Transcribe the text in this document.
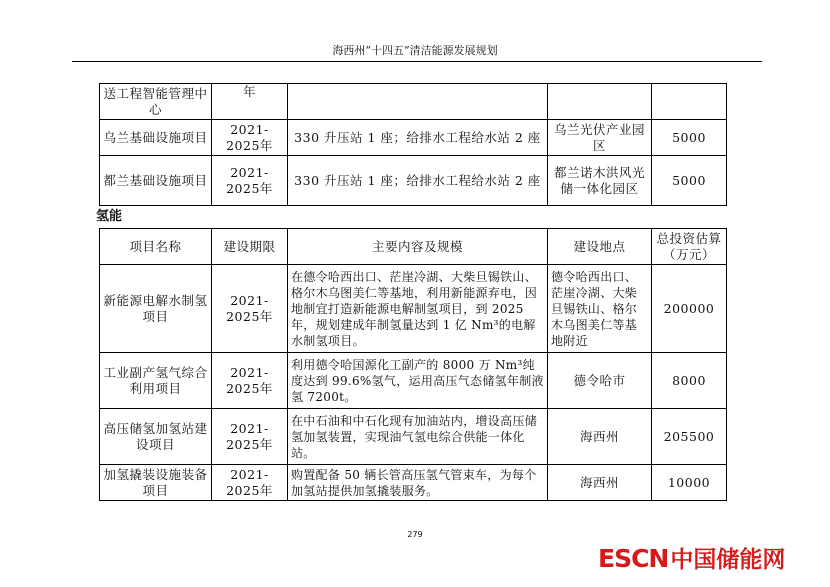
海西州“十四五”清洁能源发展规划
送工程智能管理中心	年			
乌兰基础设施项目	2021-2025年	330 升压站 1 座；给排水工程给水站 2 座	乌兰光伏产业园区	5000
都兰基础设施项目	2021-2025年	330 升压站 1 座；给排水工程给水站 2 座	都兰诺木洪风光储一体化园区	5000
氢能
项目名称	建设期限	主要内容及规模	建设地点	总投资估算（万元）
新能源电解水制氢项目	2021-2025年	在德令哈西出口、茫崖冷湖、大柴旦锡铁山、格尔木乌图美仁等基地，利用新能源弃电，因地制宜打造新能源电解制氢项目，到 2025 年，规划建成年制氢量达到 1 亿 Nm³的电解水制氢项目。	德令哈西出口、茫崖冷湖、大柴旦锡铁山、格尔木乌图美仁等基地附近	200000
工业副产氢气综合利用项目	2021-2025年	利用德令哈国源化工副产的 8000 万 Nm³纯度达到 99.6%氢气，运用高压气态储氢年制液氢 7200t。	德令哈市	8000
高压储氢加氢站建设项目	2021-2025年	在中石油和中石化现有加油站内，增设高压储氢加氢装置，实现油气氢电综合供能一体化站。	海西州	205500
加氢撬装设施装备项目	2021-2025年	购置配备 50 辆长管高压氢气管束车，为每个加氢站提供加氢撬装服务。	海西州	10000
279
ESCN中国储能网
